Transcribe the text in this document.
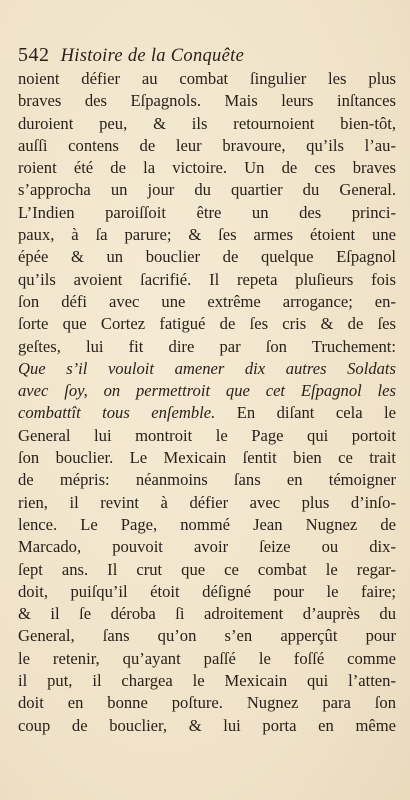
542 Histoire de la Conquête
noient défier au combat ſingulier les plus
braves des Eſpagnols. Mais leurs inſtances
duroient peu, & ils retournoient bien-tôt,
auſſi contens de leur bravoure, qu’ils l’au-
roient été de la victoire. Un de ces braves
s’approcha un jour du quartier du General.
L’Indien paroiſſoit être un des princi-
paux, à ſa parure; & ſes armes étoient une
épée & un bouclier de quelque Eſpagnol
qu’ils avoient ſacrifié. Il repeta pluſieurs fois
ſon défi avec une extrême arrogance; en-
ſorte que Cortez fatigué de ſes cris & de ſes
geſtes, lui fit dire par ſon Truchement:
Que s’il vouloit amener dix autres Soldats
avec ſoy, on permettroit que cet Eſpagnol les
combattît tous enſemble. En diſant cela le
General lui montroit le Page qui portoit
ſon bouclier. Le Mexicain ſentit bien ce trait
de mépris: néanmoins ſans en témoigner
rien, il revint à défier avec plus d’inſo-
lence. Le Page, nommé Jean Nugnez de
Marcado, pouvoit avoir ſeize ou dix-
ſept ans. Il crut que ce combat le regar-
doit, puiſqu’il étoit déſigné pour le faire;
& il ſe déroba ſi adroitement d’auprès du
General, ſans qu’on s’en apperçût pour
le retenir, qu’ayant paſſé le foſſé comme
il put, il chargea le Mexicain qui l’atten-
doit en bonne poſture. Nugnez para ſon
coup de bouclier, & lui porta en même
